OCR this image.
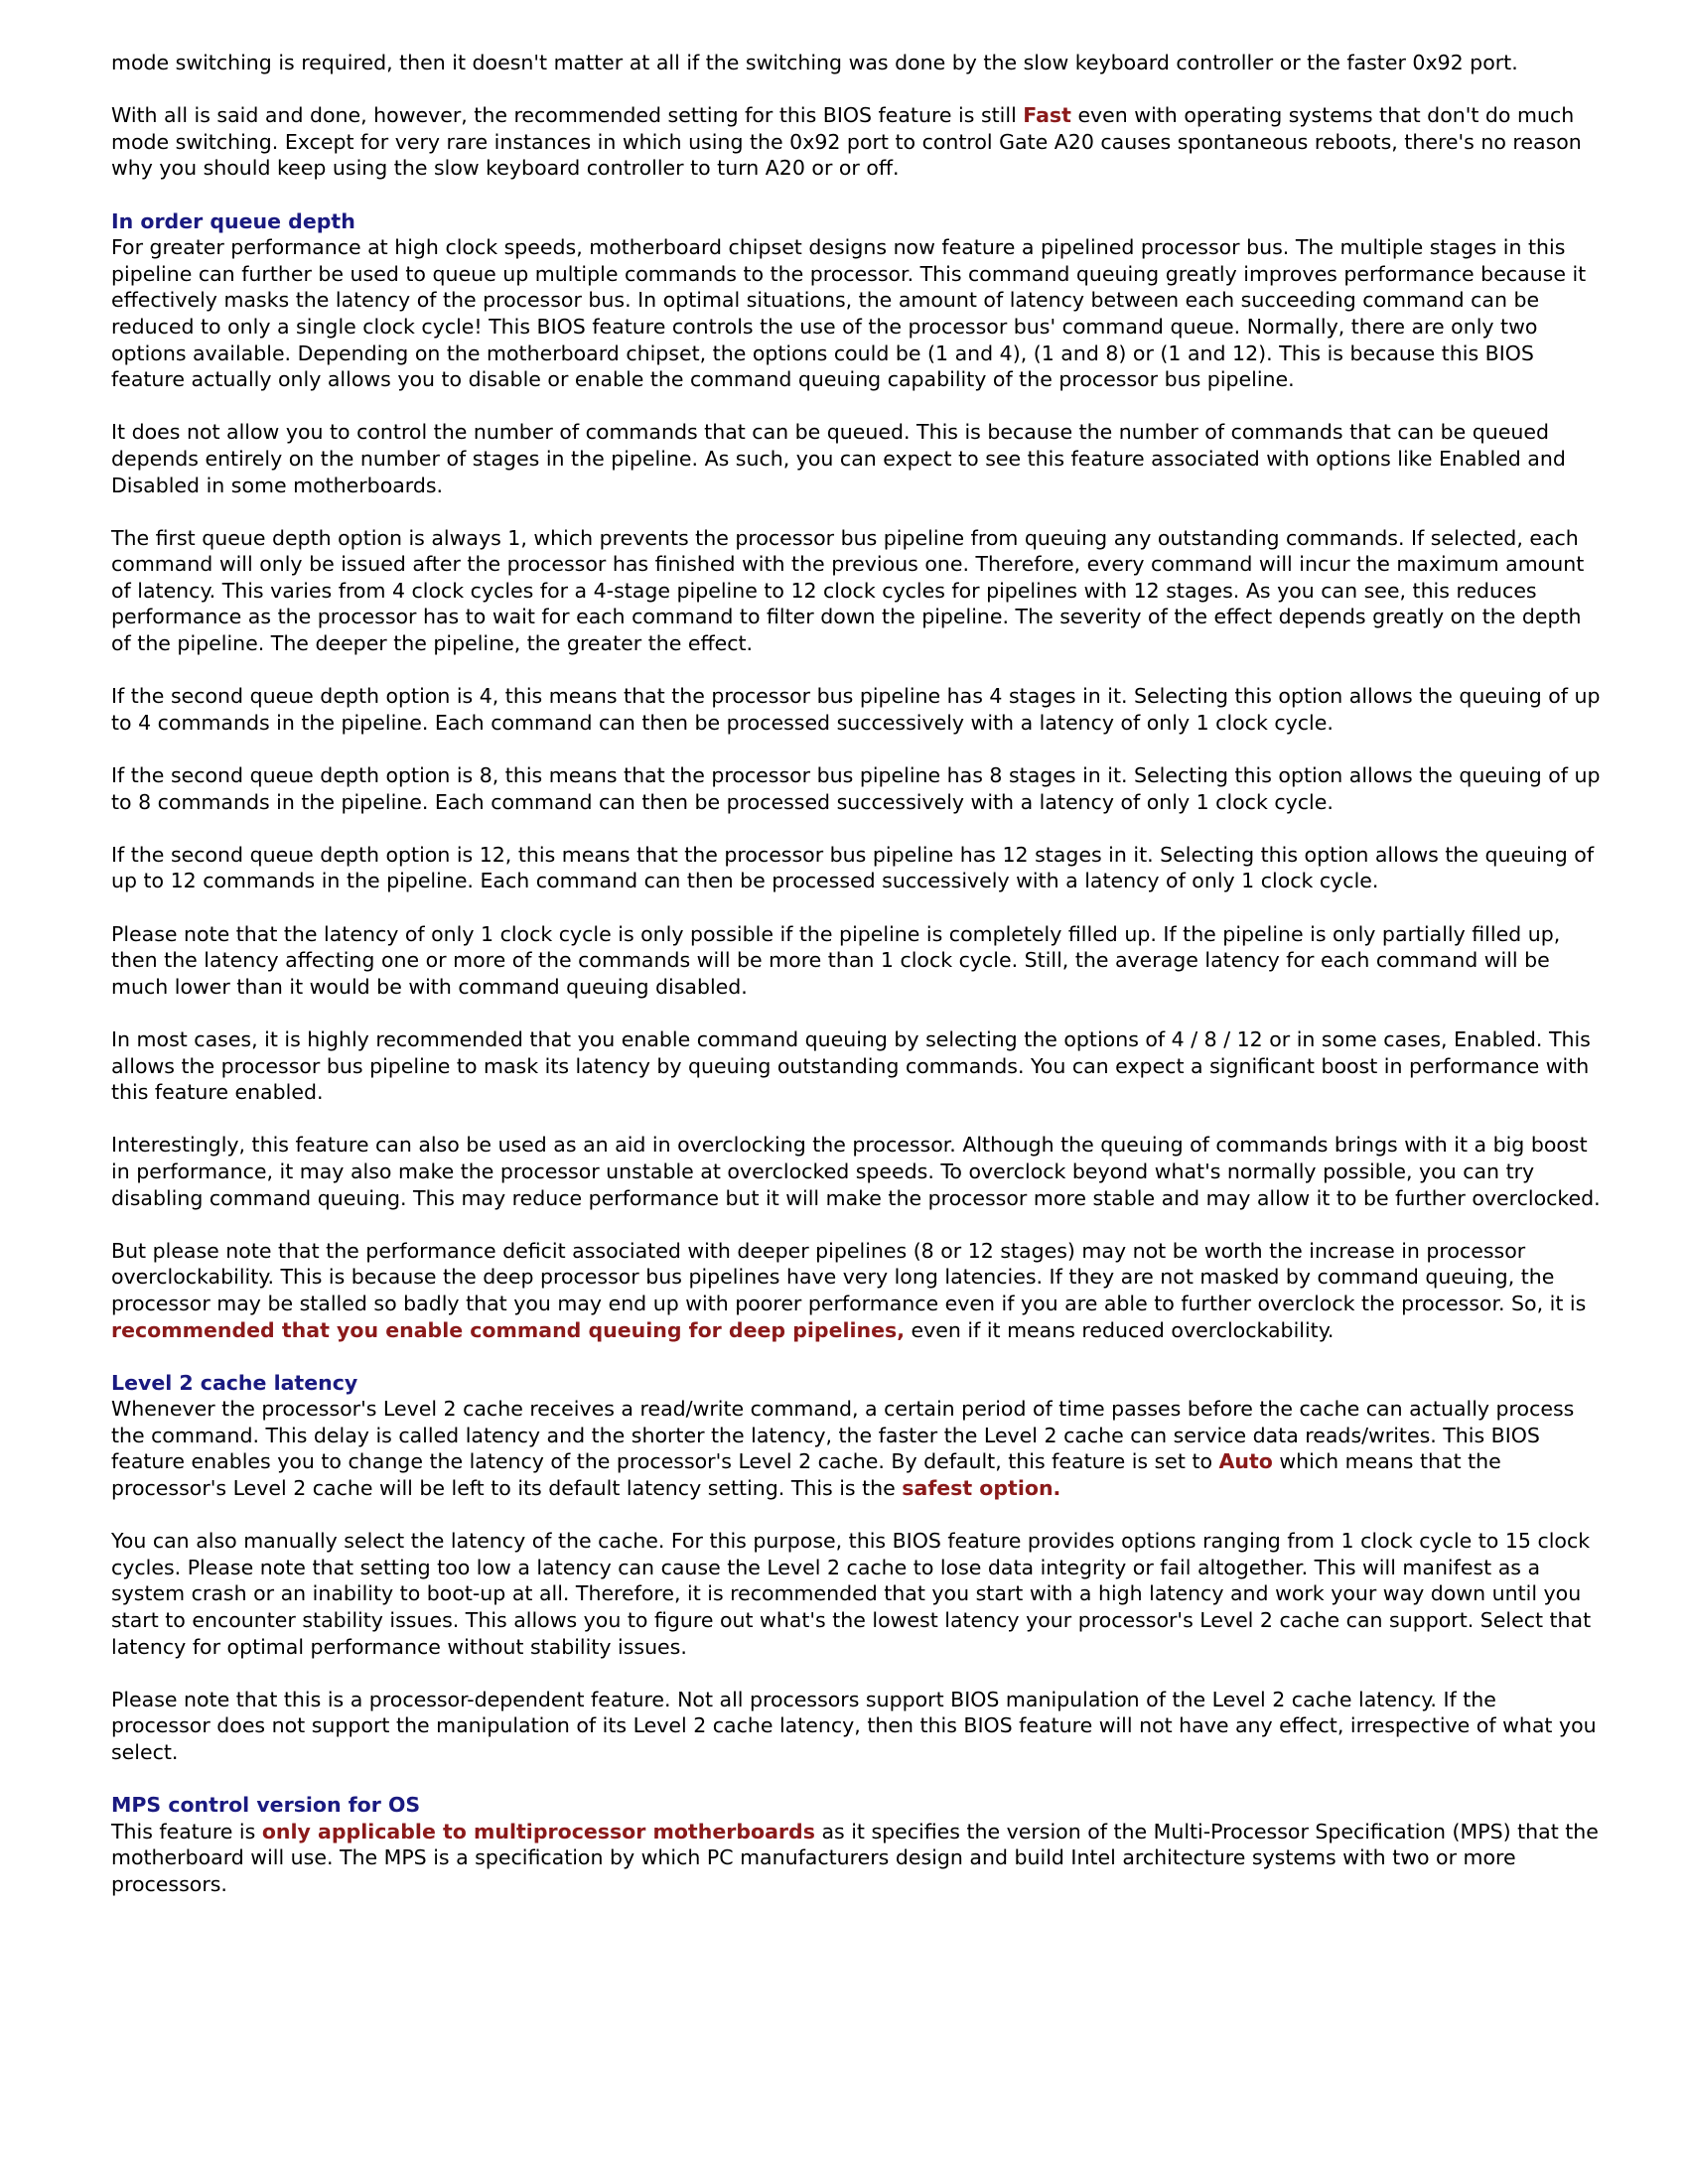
mode switching is required, then it doesn't matter at all if the switching was done by the slow keyboard controller or the faster 0x92 port.

With all is said and done, however, the recommended setting for this BIOS feature is still Fast even with operating systems that don't do much mode switching. Except for very rare instances in which using the 0x92 port to control Gate A20 causes spontaneous reboots, there's no reason why you should keep using the slow keyboard controller to turn A20 or or off.

In order queue depth
For greater performance at high clock speeds, motherboard chipset designs now feature a pipelined processor bus. The multiple stages in this pipeline can further be used to queue up multiple commands to the processor. This command queuing greatly improves performance because it effectively masks the latency of the processor bus. In optimal situations, the amount of latency between each succeeding command can be reduced to only a single clock cycle! This BIOS feature controls the use of the processor bus' command queue. Normally, there are only two options available. Depending on the motherboard chipset, the options could be (1 and 4), (1 and 8) or (1 and 12). This is because this BIOS feature actually only allows you to disable or enable the command queuing capability of the processor bus pipeline.

It does not allow you to control the number of commands that can be queued. This is because the number of commands that can be queued depends entirely on the number of stages in the pipeline. As such, you can expect to see this feature associated with options like Enabled and Disabled in some motherboards.

The first queue depth option is always 1, which prevents the processor bus pipeline from queuing any outstanding commands. If selected, each command will only be issued after the processor has finished with the previous one. Therefore, every command will incur the maximum amount of latency. This varies from 4 clock cycles for a 4-stage pipeline to 12 clock cycles for pipelines with 12 stages. As you can see, this reduces performance as the processor has to wait for each command to filter down the pipeline. The severity of the effect depends greatly on the depth of the pipeline. The deeper the pipeline, the greater the effect.

If the second queue depth option is 4, this means that the processor bus pipeline has 4 stages in it. Selecting this option allows the queuing of up to 4 commands in the pipeline. Each command can then be processed successively with a latency of only 1 clock cycle.

If the second queue depth option is 8, this means that the processor bus pipeline has 8 stages in it. Selecting this option allows the queuing of up to 8 commands in the pipeline. Each command can then be processed successively with a latency of only 1 clock cycle.

If the second queue depth option is 12, this means that the processor bus pipeline has 12 stages in it. Selecting this option allows the queuing of up to 12 commands in the pipeline. Each command can then be processed successively with a latency of only 1 clock cycle.

Please note that the latency of only 1 clock cycle is only possible if the pipeline is completely filled up. If the pipeline is only partially filled up, then the latency affecting one or more of the commands will be more than 1 clock cycle. Still, the average latency for each command will be much lower than it would be with command queuing disabled.

In most cases, it is highly recommended that you enable command queuing by selecting the options of 4 / 8 / 12 or in some cases, Enabled. This allows the processor bus pipeline to mask its latency by queuing outstanding commands. You can expect a significant boost in performance with this feature enabled.

Interestingly, this feature can also be used as an aid in overclocking the processor. Although the queuing of commands brings with it a big boost in performance, it may also make the processor unstable at overclocked speeds. To overclock beyond what's normally possible, you can try disabling command queuing. This may reduce performance but it will make the processor more stable and may allow it to be further overclocked.

But please note that the performance deficit associated with deeper pipelines (8 or 12 stages) may not be worth the increase in processor overclockability. This is because the deep processor bus pipelines have very long latencies. If they are not masked by command queuing, the processor may be stalled so badly that you may end up with poorer performance even if you are able to further overclock the processor. So, it is recommended that you enable command queuing for deep pipelines, even if it means reduced overclockability.

Level 2 cache latency
Whenever the processor's Level 2 cache receives a read/write command, a certain period of time passes before the cache can actually process the command. This delay is called latency and the shorter the latency, the faster the Level 2 cache can service data reads/writes. This BIOS feature enables you to change the latency of the processor's Level 2 cache. By default, this feature is set to Auto which means that the processor's Level 2 cache will be left to its default latency setting. This is the safest option.

You can also manually select the latency of the cache. For this purpose, this BIOS feature provides options ranging from 1 clock cycle to 15 clock cycles. Please note that setting too low a latency can cause the Level 2 cache to lose data integrity or fail altogether. This will manifest as a system crash or an inability to boot-up at all. Therefore, it is recommended that you start with a high latency and work your way down until you start to encounter stability issues. This allows you to figure out what's the lowest latency your processor's Level 2 cache can support. Select that latency for optimal performance without stability issues.

Please note that this is a processor-dependent feature. Not all processors support BIOS manipulation of the Level 2 cache latency. If the processor does not support the manipulation of its Level 2 cache latency, then this BIOS feature will not have any effect, irrespective of what you select.

MPS control version for OS
This feature is only applicable to multiprocessor motherboards as it specifies the version of the Multi-Processor Specification (MPS) that the motherboard will use. The MPS is a specification by which PC manufacturers design and build Intel architecture systems with two or more processors.
